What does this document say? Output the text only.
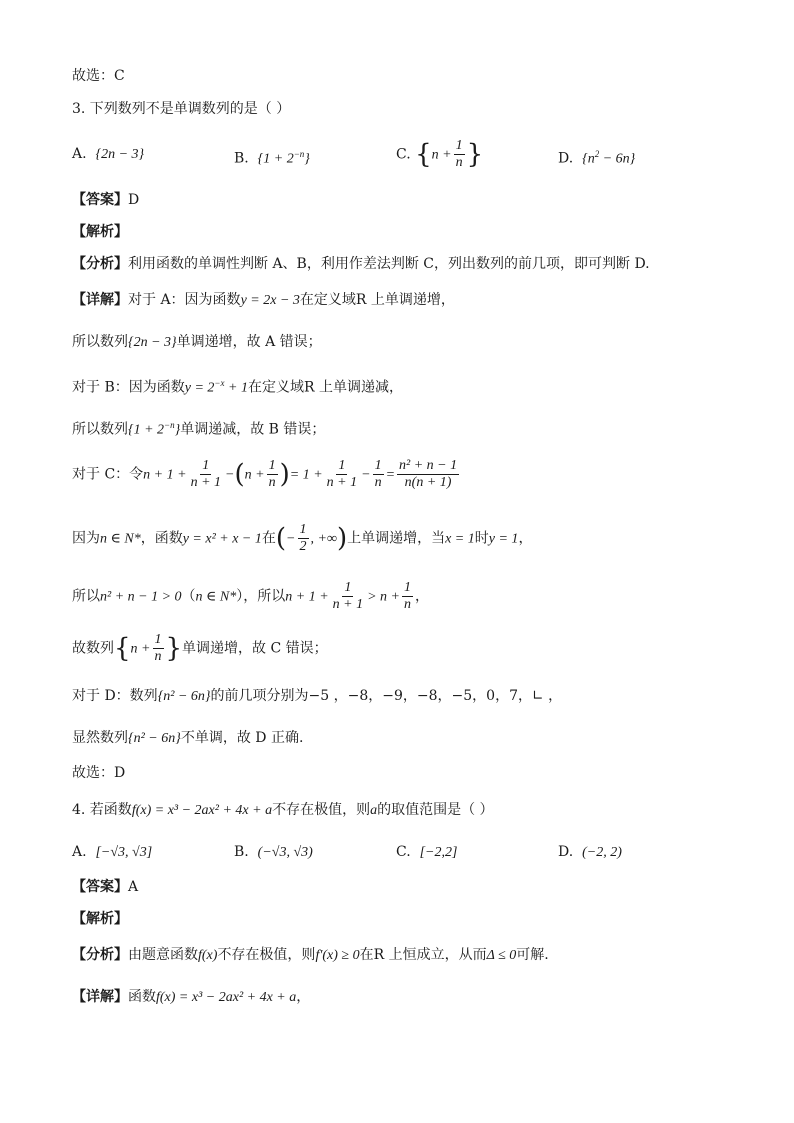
故选：C
3. 下列数列不是单调数列的是（ ）
A. {2n − 3}	B. $\{1 + 2^{-n}\}$	C. {$n + \frac{1}{n}$ }	D. $\{n^2 - 6n\}$
【答案】D
【解析】
【分析】利用函数的单调性判断 A、B，利用作差法判断 C，列出数列的前几项，即可判断 D.
【详解】对于 A：因为函数y = 2x − 3在定义域R 上单调递增，
所以数列{2n − 3}单调递增，故 A 错误；
对于 B：因为函数$y = 2^{-x} + 1$在定义域R 上单调递减，
所以数列$\{1 + 2^{-n}\}$单调递减，故 B 错误；
对于 C：令$n + 1 + \frac{1}{n + 1} -(n + \frac{1}{n}$ )= $1 + \frac{1}{n + 1} - \frac{1}{n} = \frac{\text{n² + n − 1}}{n(n + 1)}$
因为n ∈ N*，函数y = x² + x − 1在(− $\frac{1}{2}$ , +∞)上单调递增，当x = 1时y = 1，
所以n² + n − 1 > 0（n ∈ N*），所以$n + 1 + \frac{1}{n + 1} > n + \frac{1}{n}$ ，
故数列{$n + \frac{1}{n}$ }单调递增，故 C 错误；
对于 D：数列{n² − 6n}的前几项分别为−5 ，−8，−9，−8，−5，0，7，∟ ，
显然数列{n² − 6n}不单调，故 D 正确.
故选：D
4. 若函数f(x) = x³ − 2ax² + 4x + a不存在极值，则a的取值范围是（ ）
A. [−√3, √3]	B. (−√3, √3)	C. [−2,2]	D. (−2, 2)
【答案】A
【解析】
【分析】由题意函数f(x)不存在极值，则f′(x) ≥ 0在R 上恒成立，从而Δ ≤ 0可解.
【详解】函数f(x) = x³ − 2ax² + 4x + a，
